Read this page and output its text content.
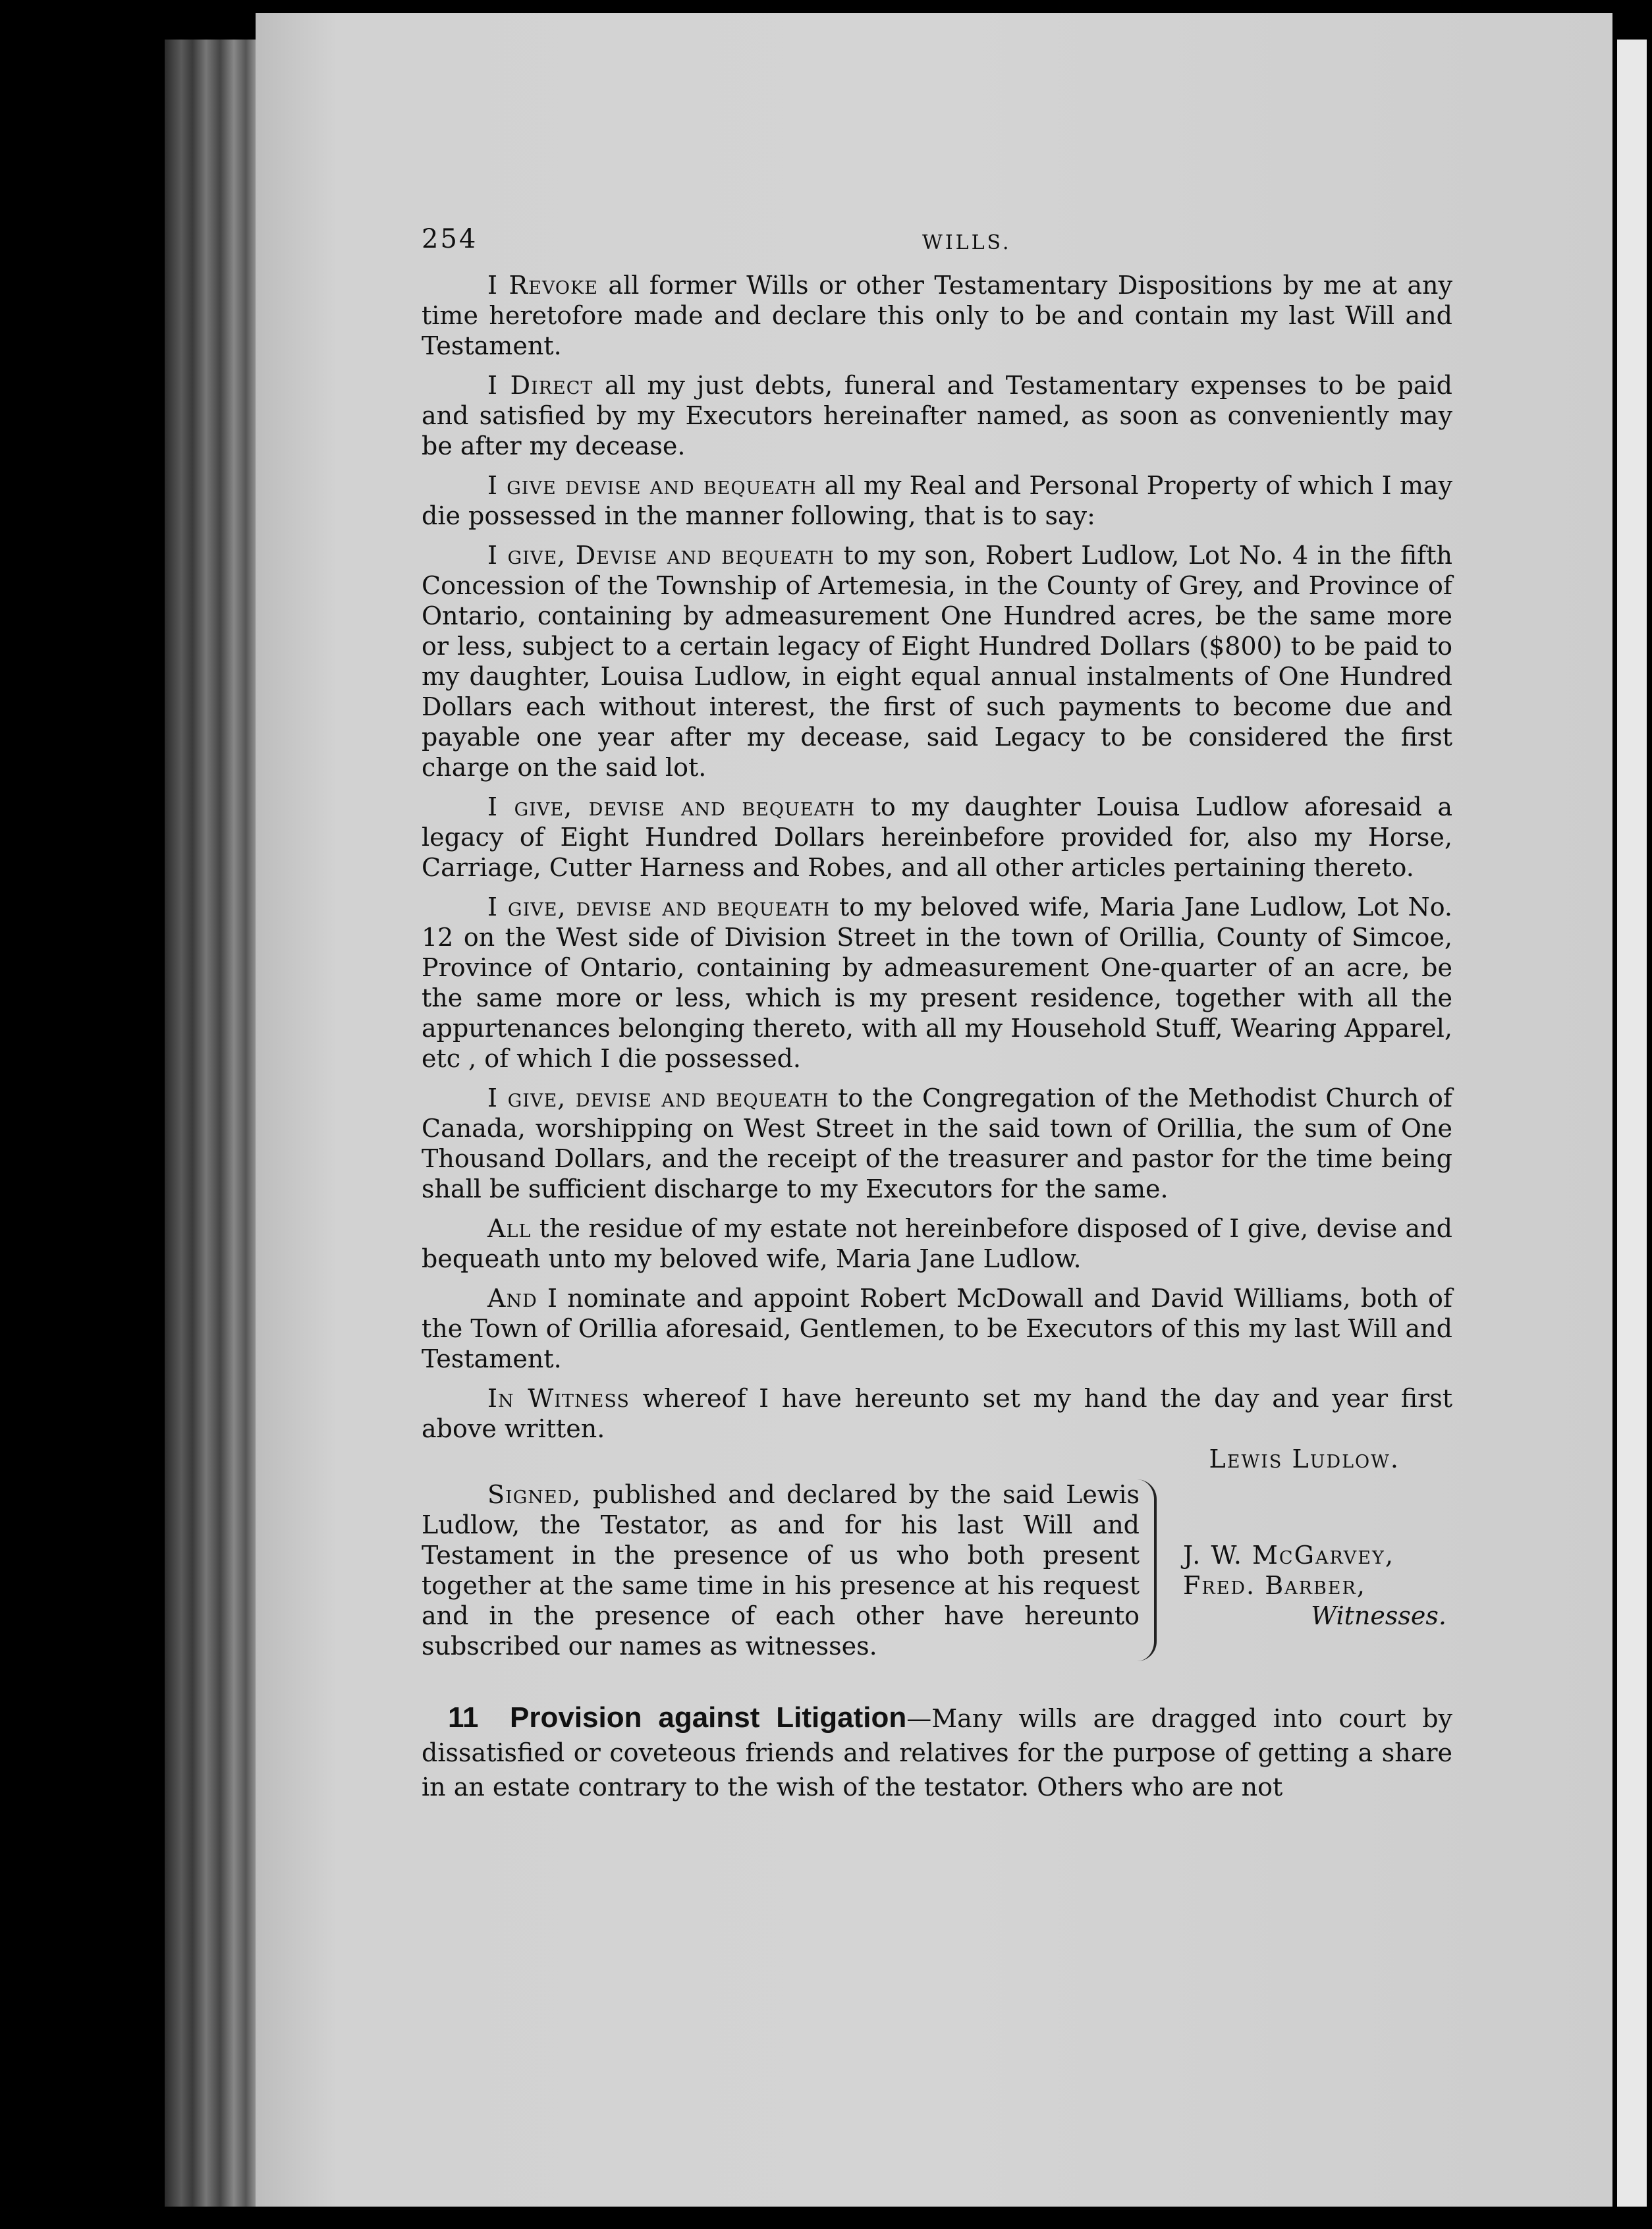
254	WILLS.

I Revoke all former Wills or other Testamentary Dispositions by me at any time heretofore made and declare this only to be and contain my last Will and Testament.

I Direct all my just debts, funeral and Testamentary expenses to be paid and satisfied by my Executors hereinafter named, as soon as conveniently may be after my decease.

I give devise and bequeath all my Real and Personal Property of which I may die possessed in the manner following, that is to say:

I give, Devise and bequeath to my son, Robert Ludlow, Lot No. 4 in the fifth Concession of the Township of Artemesia, in the County of Grey, and Province of Ontario, containing by admeasurement One Hundred acres, be the same more or less, subject to a certain legacy of Eight Hundred Dollars ($800) to be paid to my daughter, Louisa Ludlow, in eight equal annual instalments of One Hundred Dollars each without interest, the first of such payments to become due and payable one year after my decease, said Legacy to be considered the first charge on the said lot.

I give, devise and bequeath to my daughter Louisa Ludlow aforesaid a legacy of Eight Hundred Dollars hereinbefore provided for, also my Horse, Carriage, Cutter Harness and Robes, and all other articles pertaining thereto.

I give, devise and bequeath to my beloved wife, Maria Jane Ludlow, Lot No. 12 on the West side of Division Street in the town of Orillia, County of Simcoe, Province of Ontario, containing by admeasurement One-quarter of an acre, be the same more or less, which is my present residence, together with all the appurtenances belonging thereto, with all my Household Stuff, Wearing Apparel, etc , of which I die possessed.

I give, devise and bequeath to the Congregation of the Methodist Church of Canada, worshipping on West Street in the said town of Orillia, the sum of One Thousand Dollars, and the receipt of the treasurer and pastor for the time being shall be sufficient discharge to my Executors for the same.

All the residue of my estate not hereinbefore disposed of I give, devise and bequeath unto my beloved wife, Maria Jane Ludlow.

And I nominate and appoint Robert McDowall and David Williams, both of the Town of Orillia aforesaid, Gentlemen, to be Executors of this my last Will and Testament.

In Witness whereof I have hereunto set my hand the day and year first above written.

Lewis Ludlow.
Signed, published and declared by the said Lewis Ludlow, the Testator, as and for his last Will and Testament in the presence of us who both present together at the same time in his presence at his request and in the presence of each other have hereunto subscribed our names as witnesses.
J. W. McGarvey,
Fred. Barber,
Witnesses.

11 Provision against Litigation—Many wills are dragged into court by dissatisfied or coveteous friends and relatives for the purpose of getting a share in an estate contrary to the wish of the testator. Others who are not
